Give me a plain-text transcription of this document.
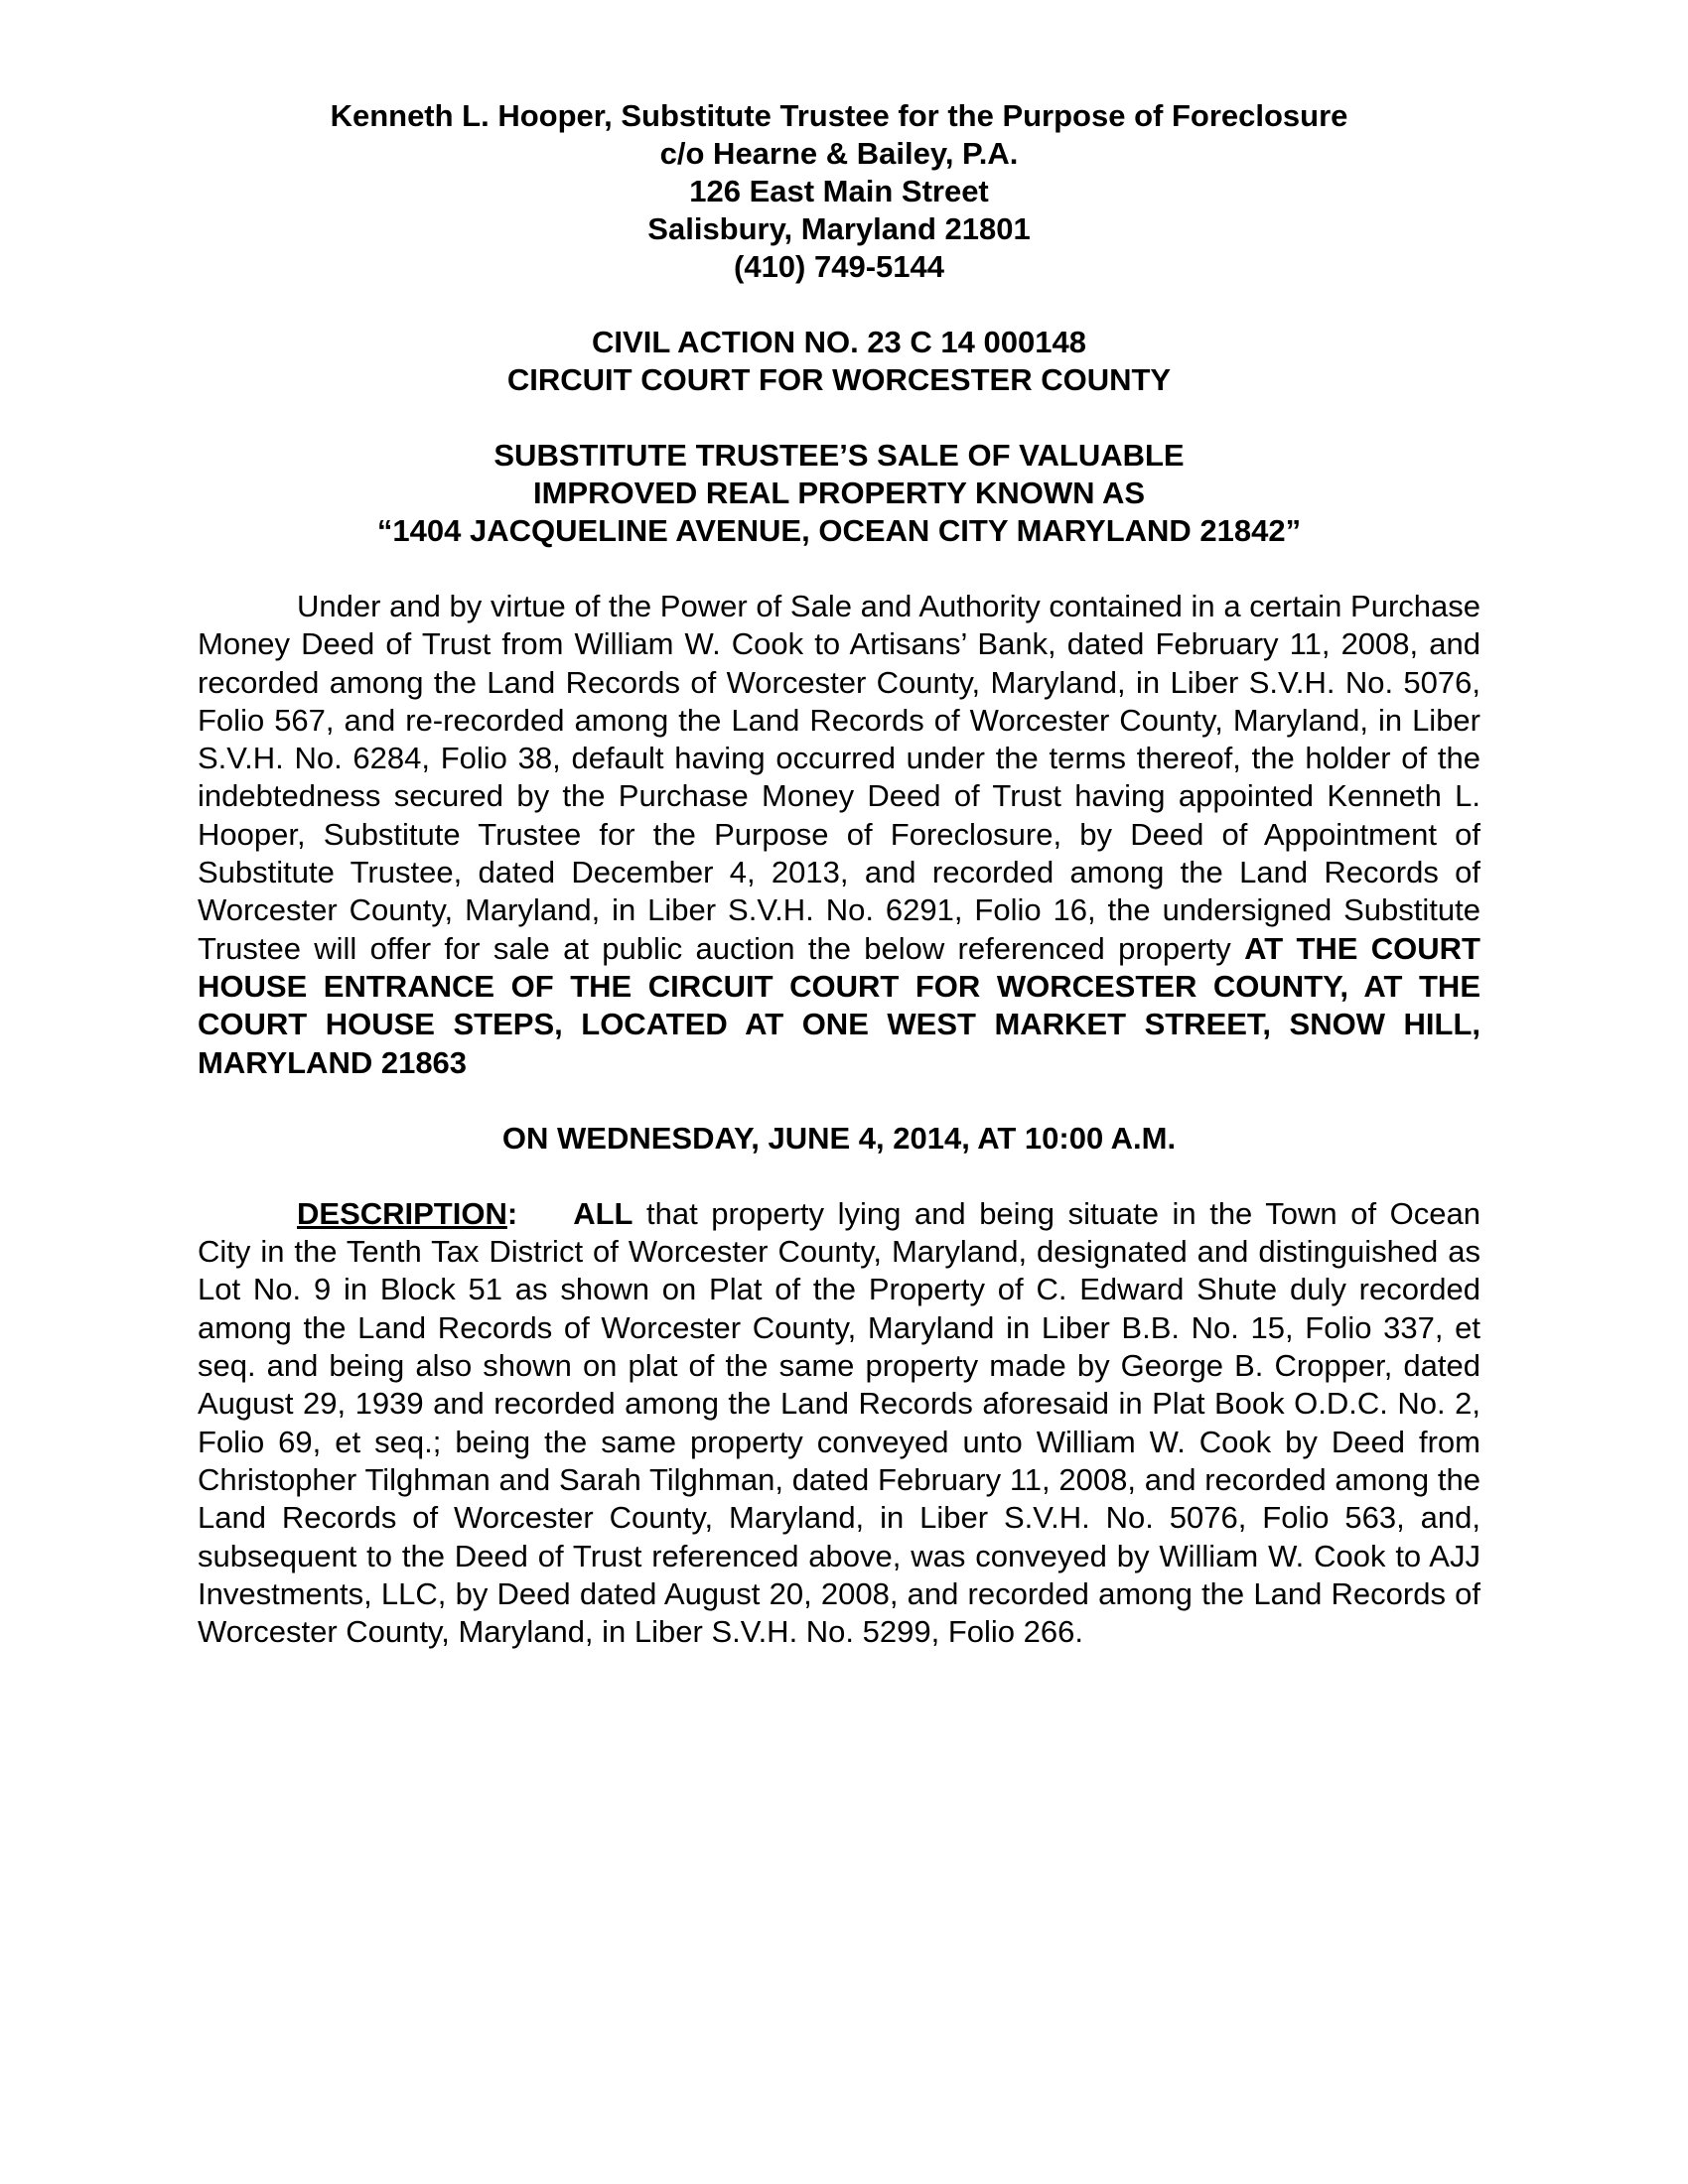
Kenneth L. Hooper, Substitute Trustee for the Purpose of Foreclosure
c/o Hearne & Bailey, P.A.
126 East Main Street
Salisbury, Maryland 21801
(410) 749-5144
CIVIL ACTION NO. 23 C 14 000148
CIRCUIT COURT FOR WORCESTER COUNTY
SUBSTITUTE TRUSTEE’S SALE OF VALUABLE
IMPROVED REAL PROPERTY KNOWN AS
“1404 JACQUELINE AVENUE, OCEAN CITY MARYLAND 21842”

Under and by virtue of the Power of Sale and Authority contained in a certain Purchase Money Deed of Trust from William W. Cook to Artisans’ Bank, dated February 11, 2008, and recorded among the Land Records of Worcester County, Maryland, in Liber S.V.H. No. 5076, Folio 567, and re-recorded among the Land Records of Worcester County, Maryland, in Liber S.V.H. No. 6284, Folio 38, default having occurred under the terms thereof, the holder of the indebtedness secured by the Purchase Money Deed of Trust having appointed Kenneth L. Hooper, Substitute Trustee for the Purpose of Foreclosure, by Deed of Appointment of Substitute Trustee, dated December 4, 2013, and recorded among the Land Records of Worcester County, Maryland, in Liber S.V.H. No. 6291, Folio 16, the undersigned Substitute Trustee will offer for sale at public auction the below referenced property AT THE COURT HOUSE ENTRANCE OF THE CIRCUIT COURT FOR WORCESTER COUNTY, AT THE COURT HOUSE STEPS, LOCATED AT ONE WEST MARKET STREET, SNOW HILL, MARYLAND 21863

ON WEDNESDAY, JUNE 4, 2014, AT 10:00 A.M.

DESCRIPTION: ALL that property lying and being situate in the Town of Ocean City in the Tenth Tax District of Worcester County, Maryland, designated and distinguished as Lot No. 9 in Block 51 as shown on Plat of the Property of C. Edward Shute duly recorded among the Land Records of Worcester County, Maryland in Liber B.B. No. 15, Folio 337, et seq. and being also shown on plat of the same property made by George B. Cropper, dated August 29, 1939 and recorded among the Land Records aforesaid in Plat Book O.D.C. No. 2, Folio 69, et seq.; being the same property conveyed unto William W. Cook by Deed from Christopher Tilghman and Sarah Tilghman, dated February 11, 2008, and recorded among the Land Records of Worcester County, Maryland, in Liber S.V.H. No. 5076, Folio 563, and, subsequent to the Deed of Trust referenced above, was conveyed by William W. Cook to AJJ Investments, LLC, by Deed dated August 20, 2008, and recorded among the Land Records of Worcester County, Maryland, in Liber S.V.H. No. 5299, Folio 266.
